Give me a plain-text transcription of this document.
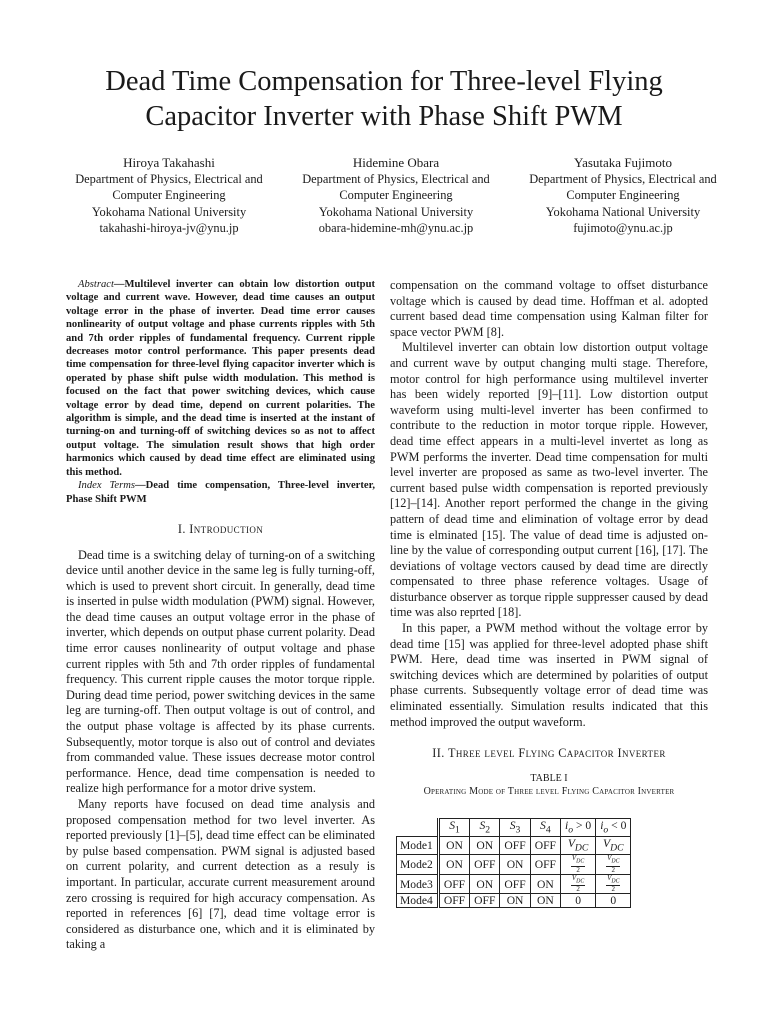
Dead Time Compensation for Three-level Flying
Capacitor Inverter with Phase Shift PWM
Hiroya Takahashi
Department of Physics, Electrical and
Computer Engineering
Yokohama National University
takahashi-hiroya-jv@ynu.jp
Hidemine Obara
Department of Physics, Electrical and
Computer Engineering
Yokohama National University
obara-hidemine-mh@ynu.ac.jp
Yasutaka Fujimoto
Department of Physics, Electrical and
Computer Engineering
Yokohama National University
fujimoto@ynu.ac.jp

Abstract—Multilevel inverter can obtain low distortion output voltage and current wave. However, dead time causes an output voltage error in the phase of inverter. Dead time error causes nonlinearity of output voltage and phase currents ripples with 5th and 7th order ripples of fundamental frequency. Current ripple decreases motor control performance. This paper presents dead time compensation for three-level flying capacitor inverter which is operated by phase shift pulse width modulation. This method is focused on the fact that power switching devices, which cause voltage error by dead time, depend on current polarities. The algorithm is simple, and the dead time is inserted at the instant of turning-on and turning-off of switching devices so as not to affect output voltage. The simulation result shows that high order harmonics which caused by dead time effect are eliminated using this method.

Index Terms—Dead time compensation, Three-level inverter, Phase Shift PWM

I. Introduction

Dead time is a switching delay of turning-on of a switching device until another device in the same leg is fully turning-off, which is used to prevent short circuit. In generally, dead time is inserted in pulse width modulation (PWM) signal. However, the dead time causes an output voltage error in the phase of inverter, which depends on output phase current polarity. Dead time error causes nonlinearity of output voltage and phase current ripples with 5th and 7th order ripples of fundamental frequency. This current ripple causes the motor torque ripple. During dead time period, power switching devices in the same leg are turning-off. Then output voltage is out of control, and the output phase voltage is affected by its phase currents. Subsequently, motor torque is also out of control and deviates from commanded value. These issues decrease motor control performance. Hence, dead time compensation is needed to realize high performance for a motor drive system.

Many reports have focused on dead time analysis and proposed compensation method for two level inverter. As reported previously [1]–[5], dead time effect can be eliminated by pulse based compensation. PWM signal is adjusted based on current polarity, and current detection as a resuly is important. In particular, accurate current measurement around zero crossing is required for high accuracy compensation. As reported in references [6] [7], dead time voltage error is considered as disturbance one, which and it is eliminated by taking a

compensation on the command voltage to offset disturbance voltage which is caused by dead time. Hoffman et al. adopted current based dead time compensation using Kalman filter for space vector PWM [8].

Multilevel inverter can obtain low distortion output voltage and current wave by output changing multi stage. Therefore, motor control for high performance using multilevel inverter has been widely reported [9]–[11]. Low distortion output waveform using multi-level inverter has been confirmed to contribute to the reduction in motor torque ripple. However, dead time effect appears in a multi-level invertet as long as PWM performs the inverter. Dead time compensation for multi level inverter are proposed as same as two-level inverter. The current based pulse width compensation is reported previously [12]–[14]. Another report performed the change in the giving pattern of dead time and elimination of voltage error by dead time is elminated [15]. The value of dead time is adjusted on-line by the value of corresponding output current [16], [17]. The deviations of voltage vectors caused by dead time are directly compensated to three phase reference voltages. Usage of disturbance observer as torque ripple suppresser caused by dead time was also reprted [18].

In this paper, a PWM method without the voltage error by dead time [15] was applied for three-level adopted phase shift PWM. Here, dead time was inserted in PWM signal of switching devices which are determined by polarities of output phase currents. Subsequently voltage error of dead time was eliminated essentially. Simulation results indicated that this method improved the output waveform.

II. Three level Flying Capacitor Inverter
TABLE I
Operating Mode of Three level Flying Capacitor Inverter
	$S_1$	$S_2$	$S_3$	$S_4$	$i_o > 0$	$i_o < 0$
Mode1	ON	ON	OFF	OFF	$V_{DC}$	$V_{DC}$
Mode2	ON	OFF	ON	OFF	$\frac{V_{DC}}{2}$	$\frac{V_{DC}}{2}$

Mode3	OFF	ON	OFF	ON	$\frac{V_{DC}}{2}$	$\frac{V_{DC}}{2}$

Mode4	OFF	OFF	ON	ON	0	0
